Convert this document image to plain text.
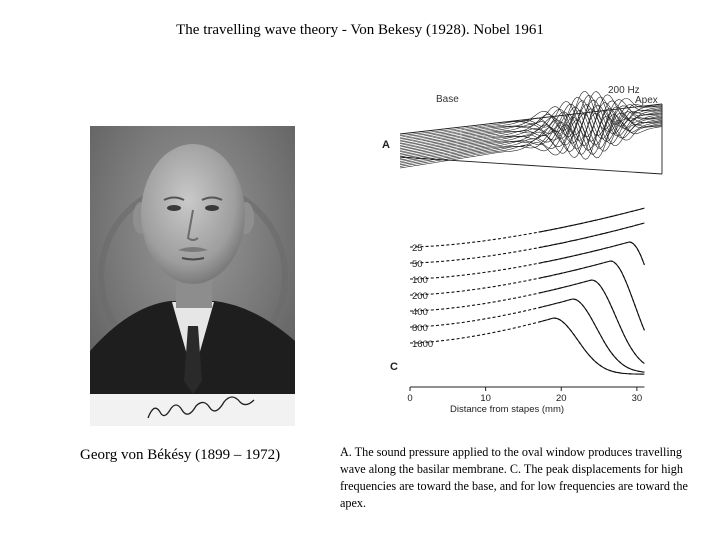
The travelling wave theory - Von Bekesy (1928). Nobel 1961
Georg von Békésy (1899 – 1972)
200 Hz
Base	Apex
A
0	10	20	30
25
50
100
200
400
800
1600
C
Distance from stapes (mm)
A. The sound pressure applied to the oval window produces travelling wave along the basilar membrane. C. The peak displacements for high frequencies are toward the base, and for low frequencies are toward the apex.
